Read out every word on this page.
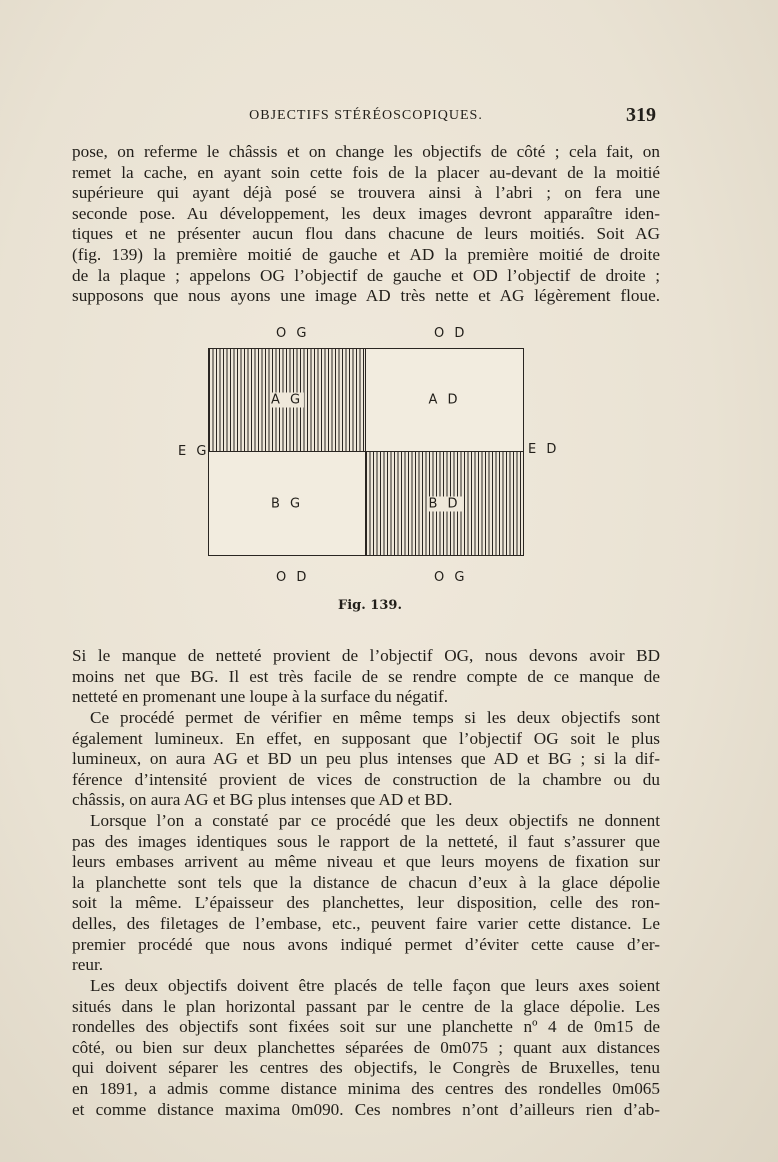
OBJECTIFS STÉRÉOSCOPIQUES.	319
pose, on referme le châssis et on change les objectifs de côté ; cela fait, on
remet la cache, en ayant soin cette fois de la placer au-devant de la moitié
supérieure qui ayant déjà posé se trouvera ainsi à l’abri ; on fera une
seconde pose. Au développement, les deux images devront apparaître iden-
tiques et ne présenter aucun flou dans chacune de leurs moitiés. Soit AG
(fig. 139) la première moitié de gauche et AD la première moitié de droite
de la plaque ; appelons OG l’objectif de gauche et OD l’objectif de droite ;
supposons que nous ayons une image AD très nette et AG légèrement floue.
O G	O D
E G	E D
O D	O G
A G	A D
B G	B D
Fig. 139.
Si le manque de netteté provient de l’objectif OG, nous devons avoir BD
moins net que BG. Il est très facile de se rendre compte de ce manque de
netteté en promenant une loupe à la surface du négatif.
Ce procédé permet de vérifier en même temps si les deux objectifs sont
également lumineux. En effet, en supposant que l’objectif OG soit le plus
lumineux, on aura AG et BD un peu plus intenses que AD et BG ; si la dif-
férence d’intensité provient de vices de construction de la chambre ou du
châssis, on aura AG et BG plus intenses que AD et BD.
Lorsque l’on a constaté par ce procédé que les deux objectifs ne donnent
pas des images identiques sous le rapport de la netteté, il faut s’assurer que
leurs embases arrivent au même niveau et que leurs moyens de fixation sur
la planchette sont tels que la distance de chacun d’eux à la glace dépolie
soit la même. L’épaisseur des planchettes, leur disposition, celle des ron-
delles, des filetages de l’embase, etc., peuvent faire varier cette distance. Le
premier procédé que nous avons indiqué permet d’éviter cette cause d’er-
reur.
Les deux objectifs doivent être placés de telle façon que leurs axes soient
situés dans le plan horizontal passant par le centre de la glace dépolie. Les
rondelles des objectifs sont fixées soit sur une planchette nº 4 de 0m15 de
côté, ou bien sur deux planchettes séparées de 0m075 ; quant aux distances
qui doivent séparer les centres des objectifs, le Congrès de Bruxelles, tenu
en 1891, a admis comme distance minima des centres des rondelles 0m065
et comme distance maxima 0m090. Ces nombres n’ont d’ailleurs rien d’ab-
